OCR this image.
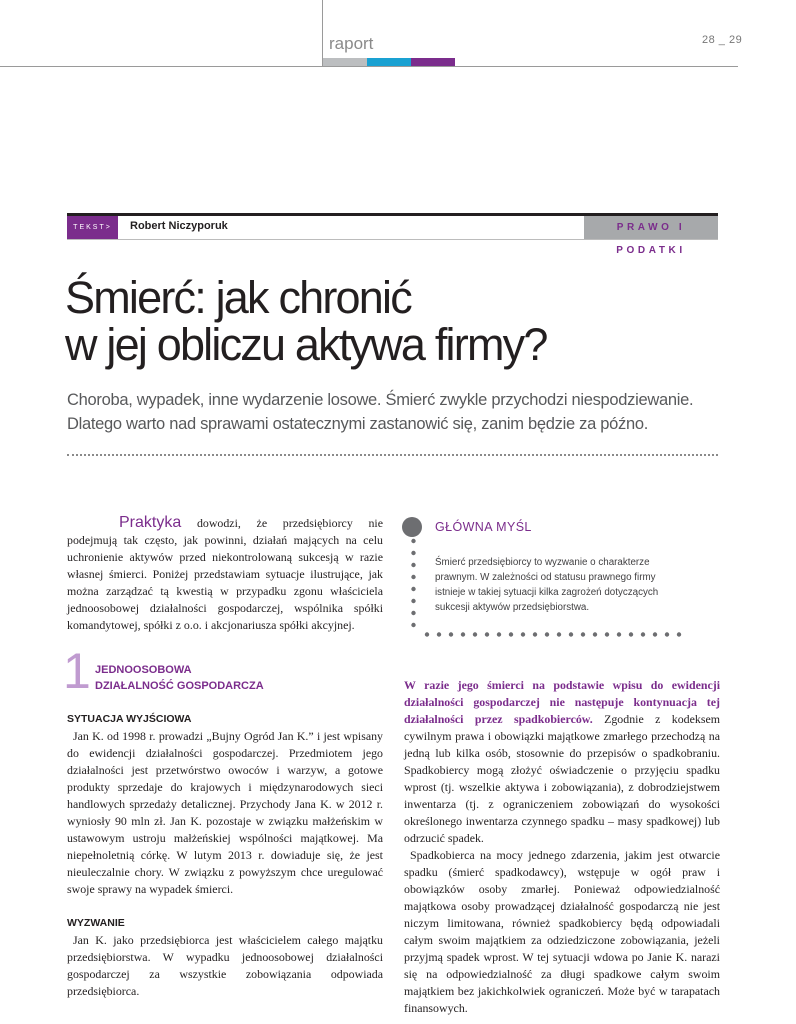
raport	28 _ 29
TEKST>	Robert Niczyporuk	PRAWO I PODATKI
Śmierć: jak chronić
w jej obliczu aktywa firmy?

Choroba, wypadek, inne wydarzenie losowe. Śmierć zwykle przychodzi niespodziewanie. Dlatego warto nad sprawami ostatecznymi zastanowić się, zanim będzie za późno.

Praktyka dowodzi, że przedsiębiorcy nie podejmują tak często, jak powinni, działań mających na celu uchronienie aktywów przed niekontrolowaną sukcesją w razie własnej śmierci. Poniżej przedstawiam sytuacje ilustrujące, jak można zarządzać tą kwestią w przypadku zgonu właściciela jednoosobowej działalności gospodarczej, wspólnika spółki komandytowej, spółki z o.o. i akcjonariusza spółki akcyjnej.

GŁÓWNA MYŚL

Śmierć przedsiębiorcy to wyzwanie o charakterze prawnym. W zależności od statusu prawnego firmy istnieje w takiej sytuacji kilka zagrożeń dotyczących sukcesji aktywów przedsiębiorstwa.

1 JEDNOOSOBOWA
DZIAŁALNOŚĆ GOSPODARCZA

SYTUACJA WYJŚCIOWA

Jan K. od 1998 r. prowadzi „Bujny Ogród Jan K.” i jest wpisany do ewidencji działalności gospodarczej. Przedmiotem jego działalności jest przetwórstwo owoców i warzyw, a gotowe produkty sprzedaje do krajowych i międzynarodowych sieci handlowych sprzedaży detalicznej. Przychody Jana K. w 2012 r. wyniosły 90 mln zł. Jan K. pozostaje w związku małżeńskim w ustawowym ustroju małżeńskiej wspólności majątkowej. Ma niepełnoletnią córkę. W lutym 2013 r. dowiaduje się, że jest nieuleczalnie chory. W związku z powyższym chce uregulować swoje sprawy na wypadek śmierci.

WYZWANIE

Jan K. jako przedsiębiorca jest właścicielem całego majątku przedsiębiorstwa. W wypadku jednoosobowej działalności gospodarczej za wszystkie zobowiązania odpowiada przedsiębiorca.

W razie jego śmierci na podstawie wpisu do ewidencji działalności gospodarczej nie następuje kontynuacja tej działalności przez spadkobierców. Zgodnie z kodeksem cywilnym prawa i obowiązki majątkowe zmarłego przechodzą na jedną lub kilka osób, stosownie do przepisów o spadkobraniu. Spadkobiercy mogą złożyć oświadczenie o przyjęciu spadku wprost (tj. wszelkie aktywa i zobowiązania), z dobrodziejstwem inwentarza (tj. z ograniczeniem zobowiązań do wysokości określonego inwentarza czynnego spadku – masy spadkowej) lub odrzucić spadek.

Spadkobierca na mocy jednego zdarzenia, jakim jest otwarcie spadku (śmierć spadkodawcy), wstępuje w ogół praw i obowiązków osoby zmarłej. Ponieważ odpowiedzialność majątkowa osoby prowadzącej działalność gospodarczą nie jest niczym limitowana, również spadkobiercy będą odpowiadali całym swoim majątkiem za odziedziczone zobowiązania, jeżeli przyjmą spadek wprost. W tej sytuacji wdowa po Janie K. narazi się na odpowiedzialność za długi spadkowe całym swoim majątkiem bez jakichkolwiek ograniczeń. Może być w tarapatach finansowych.
